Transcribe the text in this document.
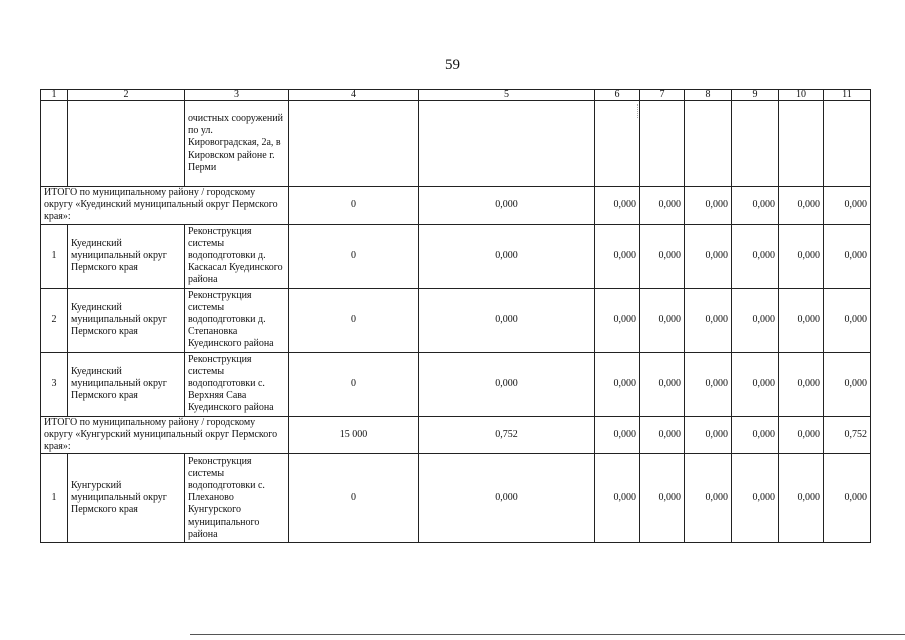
59
1	2	3	4	5	6	7	8	9	10	11
		очистных сооружений по ул. Кировоградская, 2а, в Кировском районе г. Перми								
ИТОГО по муниципальному району / городскому округу «Куединский муниципальный округ Пермского края»:			0	0,000	0,000	0,000	0,000	0,000	0,000	0,000
1	Куединский муниципальный округ Пермского края	Реконструкция системы водоподготовки д. Каскасал Куединского района	0	0,000	0,000	0,000	0,000	0,000	0,000	0,000
2	Куединский муниципальный округ Пермского края	Реконструкция системы водоподготовки д. Степановка Куединского района	0	0,000	0,000	0,000	0,000	0,000	0,000	0,000
3	Куединский муниципальный округ Пермского края	Реконструкция системы водоподготовки с. Верхняя Сава Куединского района	0	0,000	0,000	0,000	0,000	0,000	0,000	0,000
ИТОГО по муниципальному району / городскому округу «Кунгурский муниципальный округ Пермского края»:			15 000	0,752	0,000	0,000	0,000	0,000	0,000	0,752
1	Кунгурский муниципальный округ Пермского края	Реконструкция системы водоподготовки с. Плеханово Кунгурского муниципального района	0	0,000	0,000	0,000	0,000	0,000	0,000	0,000
